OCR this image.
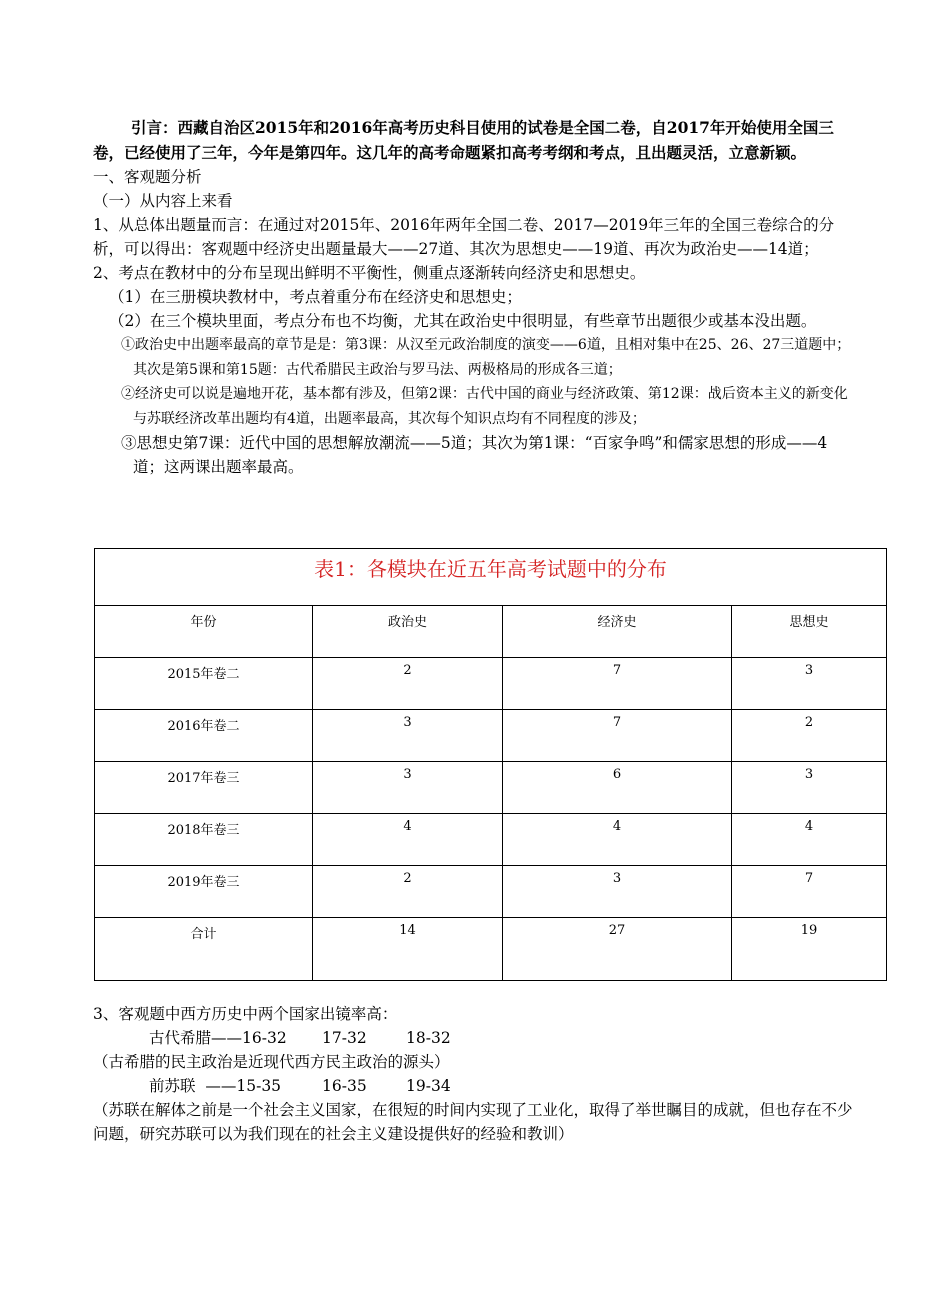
引言：西藏自治区2015年和2016年高考历史科目使用的试卷是全国二卷，自2017年开始使用全国三卷，已经使用了三年，今年是第四年。这几年的高考命题紧扣高考考纲和考点，且出题灵活，立意新颖。

一、客观题分析

（一）从内容上来看

1、从总体出题量而言：在通过对2015年、2016年两年全国二卷、2017—2019年三年的全国三卷综合的分析，可以得出：客观题中经济史出题量最大——27道、其次为思想史——19道、再次为政治史——14道；

2、考点在教材中的分布呈现出鲜明不平衡性，侧重点逐渐转向经济史和思想史。

（1）在三册模块教材中，考点着重分布在经济史和思想史；

（2）在三个模块里面，考点分布也不均衡，尤其在政治史中很明显，有些章节出题很少或基本没出题。

①政治史中出题率最高的章节是是：第3课：从汉至元政治制度的演变——6道，且相对集中在25、26、27三道题中；其次是第5课和第15题：古代希腊民主政治与罗马法、两极格局的形成各三道；

②经济史可以说是遍地开花，基本都有涉及，但第2课：古代中国的商业与经济政策、第12课：战后资本主义的新变化与苏联经济改革出题均有4道，出题率最高，其次每个知识点均有不同程度的涉及；

③思想史第7课：近代中国的思想解放潮流——5道；其次为第1课：“百家争鸣”和儒家思想的形成——4道；这两课出题率最高。

表1：各模块在近五年高考试题中的分布			
年份	政治史	经济史	思想史
2015年卷二	2	7	3
2016年卷二	3	7	2
2017年卷三	3	6	3
2018年卷三	4	4	4
2019年卷三	2	3	7
合计	14	27	19

3、客观题中西方历史中两个国家出镜率高：

古代希腊——16-32 17-32	18-32

（古希腊的民主政治是近现代西方民主政治的源头）

前苏联  ——15-35	16-35	19-34

（苏联在解体之前是一个社会主义国家，在很短的时间内实现了工业化，取得了举世瞩目的成就，但也存在不少问题，研究苏联可以为我们现在的社会主义建设提供好的经验和教训）
